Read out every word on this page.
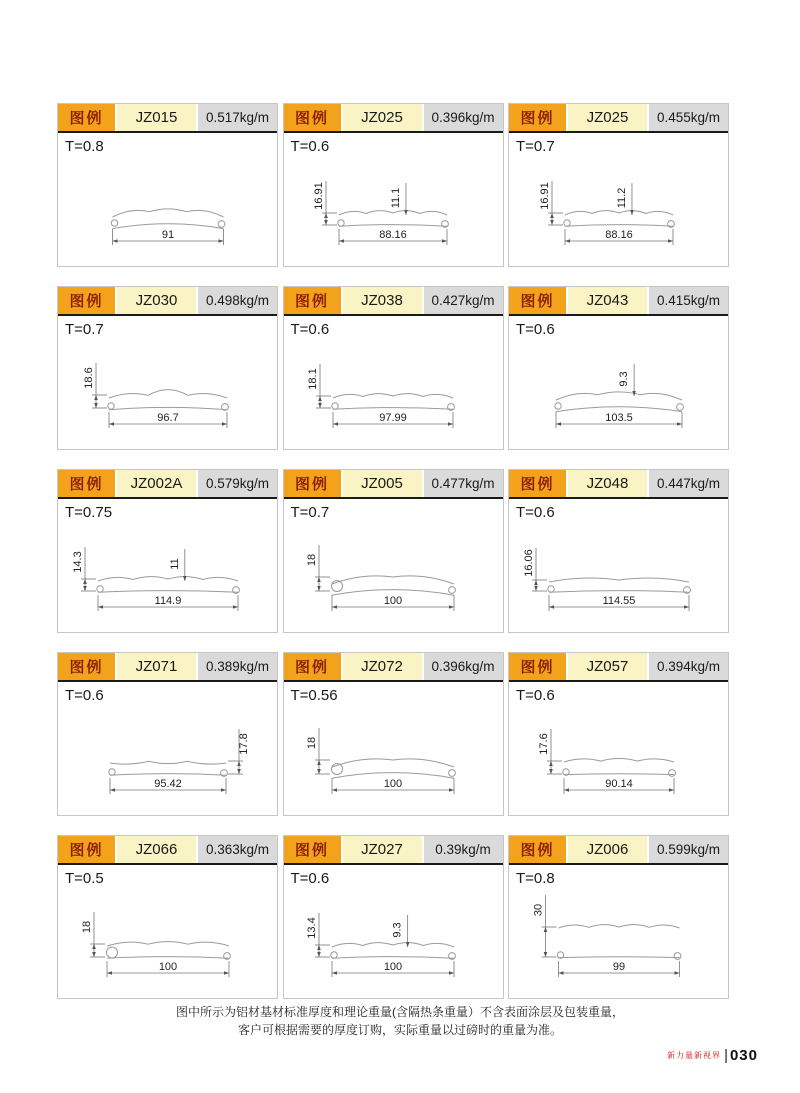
图例	JZ015	0.517kg/m
T=0.8
91
图例	JZ025	0.396kg/m
T=0.6
88.16
16.91	11.1
图例	JZ025	0.455kg/m
T=0.7
88.16
16.91	11.2
图例	JZ030	0.498kg/m
T=0.7
96.7
18.6
图例	JZ038	0.427kg/m
T=0.6
97.99
18.1
图例	JZ043	0.415kg/m
T=0.6
103.5
9.3
图例	JZ002A	0.579kg/m
T=0.75
114.9
14.3	11
图例	JZ005	0.477kg/m
T=0.7
100
18
图例	JZ048	0.447kg/m
T=0.6
114.55
16.06
图例	JZ071	0.389kg/m
T=0.6
95.42
17.8
图例	JZ072	0.396kg/m
T=0.56
100
18
图例	JZ057	0.394kg/m
T=0.6
90.14
17.6
图例	JZ066	0.363kg/m
T=0.5
100
18
图例	JZ027	0.39kg/m
T=0.6
100
13.4	9.3
图例	JZ006	0.599kg/m
T=0.8
99
30
图中所示为铝材基材标准厚度和理论重量(含隔热条重量）不含表面涂层及包装重量，
客户可根据需要的厚度订购，实际重量以过磅时的重量为准。
新力量新视界 | 030
